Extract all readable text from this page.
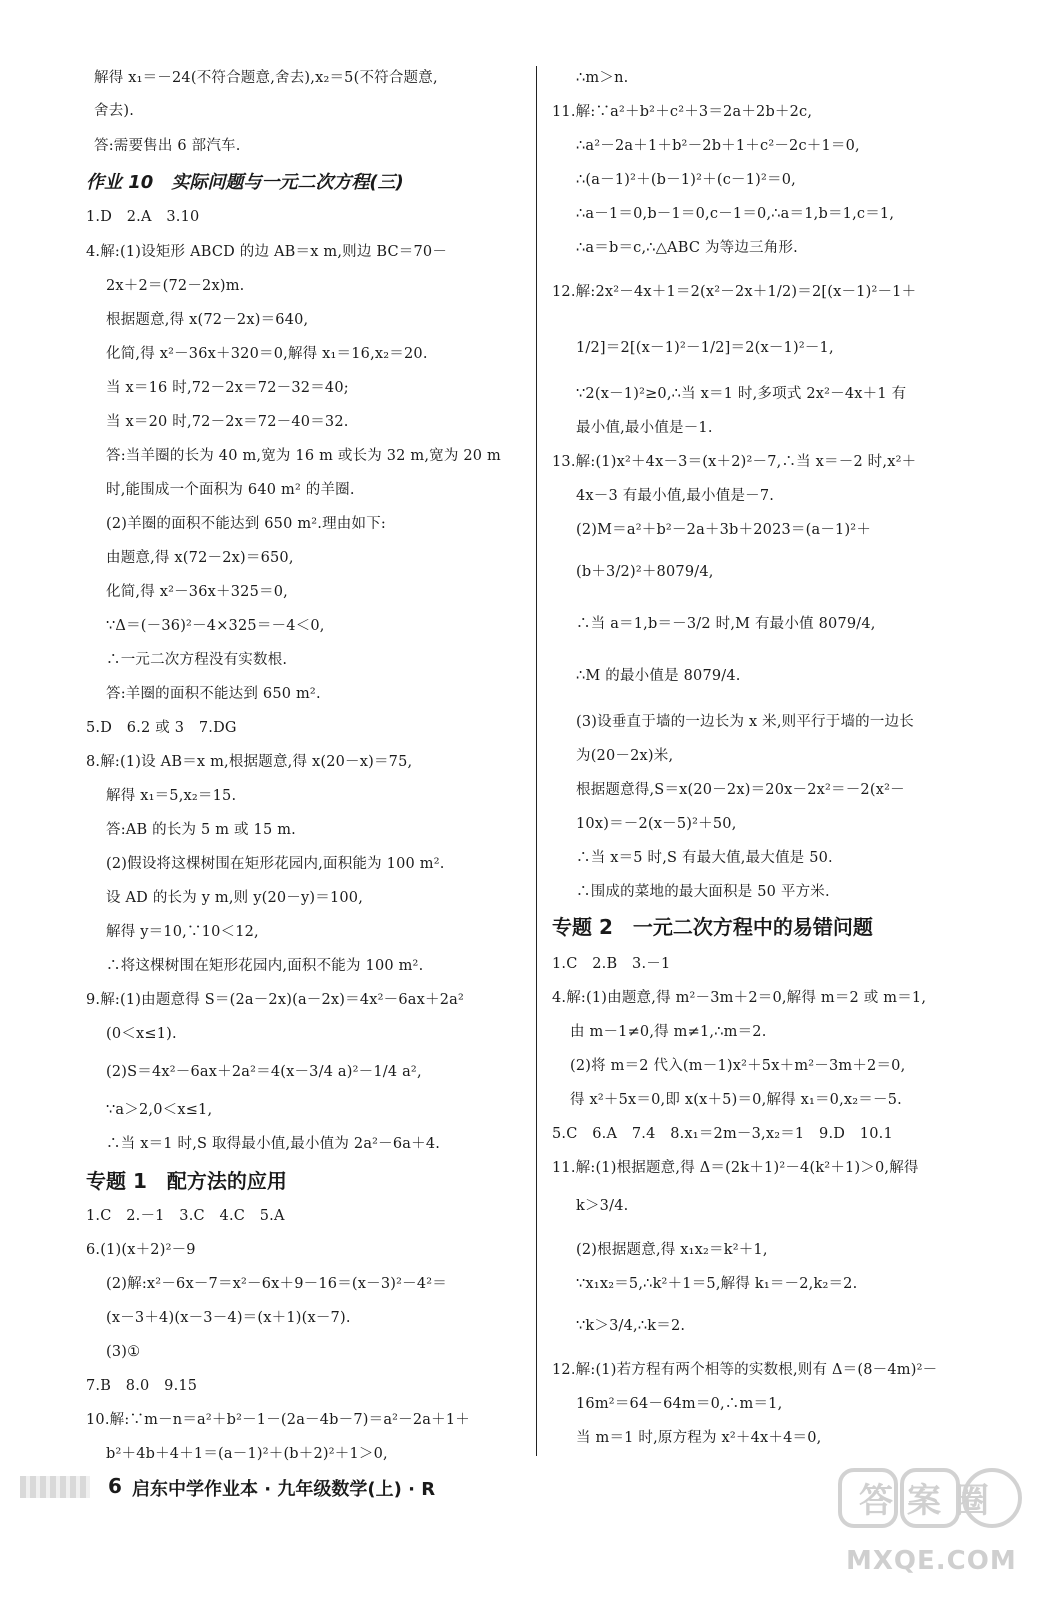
解得 x₁＝－24(不符合题意,舍去),x₂＝5(不符合题意,
舍去).
答:需要售出 6 部汽车.
1.D　2.A　3.10
4.解:(1)设矩形 ABCD 的边 AB＝x m,则边 BC＝70－
2x＋2＝(72－2x)m.
根据题意,得 x(72－2x)＝640,
化简,得 x²－36x＋320＝0,解得 x₁＝16,x₂＝20.
当 x＝16 时,72－2x＝72－32＝40;
当 x＝20 时,72－2x＝72－40＝32.
答:当羊圈的长为 40 m,宽为 16 m 或长为 32 m,宽为 20 m
时,能围成一个面积为 640 m² 的羊圈.
(2)羊圈的面积不能达到 650 m².理由如下:
由题意,得 x(72－2x)＝650,
化简,得 x²－36x＋325＝0,
∵Δ＝(－36)²－4×325＝－4＜0,
∴一元二次方程没有实数根.
答:羊圈的面积不能达到 650 m².
5.D　6.2 或 3　7.DG
8.解:(1)设 AB＝x m,根据题意,得 x(20－x)＝75,
解得 x₁＝5,x₂＝15.
答:AB 的长为 5 m 或 15 m.
(2)假设将这棵树围在矩形花园内,面积能为 100 m².
设 AD 的长为 y m,则 y(20－y)＝100,
解得 y＝10,∵10＜12,
∴将这棵树围在矩形花园内,面积不能为 100 m².
9.解:(1)由题意得 S＝(2a－2x)(a－2x)＝4x²－6ax＋2a²
(0＜x≤1).
(2)S＝4x²－6ax＋2a²＝4(x－3/4 a)²－1/4 a²,
∵a＞2,0＜x≤1,
∴当 x＝1 时,S 取得最小值,最小值为 2a²－6a＋4.
1.C　2.－1　3.C　4.C　5.A
6.(1)(x＋2)²－9
(2)解:x²－6x－7＝x²－6x＋9－16＝(x－3)²－4²＝
(x－3＋4)(x－3－4)＝(x＋1)(x－7).
(3)①
7.B　8.0　9.15
10.解:∵m－n＝a²＋b²－1－(2a－4b－7)＝a²－2a＋1＋
b²＋4b＋4＋1＝(a－1)²＋(b＋2)²＋1＞0,
作业 10　实际问题与一元二次方程(三)
专题 1　配方法的应用
∴m＞n.
11.解:∵a²＋b²＋c²＋3＝2a＋2b＋2c,
∴a²－2a＋1＋b²－2b＋1＋c²－2c＋1＝0,
∴(a－1)²＋(b－1)²＋(c－1)²＝0,
∴a－1＝0,b－1＝0,c－1＝0,∴a＝1,b＝1,c＝1,
∴a＝b＝c,∴△ABC 为等边三角形.
12.解:2x²－4x＋1＝2(x²－2x＋1/2)＝2[(x－1)²－1＋
1/2]＝2[(x－1)²－1/2]＝2(x－1)²－1,
∵2(x－1)²≥0,∴当 x＝1 时,多项式 2x²－4x＋1 有
最小值,最小值是－1.
13.解:(1)x²＋4x－3＝(x＋2)²－7,∴当 x＝－2 时,x²＋
4x－3 有最小值,最小值是－7.
(2)M＝a²＋b²－2a＋3b＋2023＝(a－1)²＋
(b＋3/2)²＋8079/4,
∴当 a＝1,b＝－3/2 时,M 有最小值 8079/4,
∴M 的最小值是 8079/4.
(3)设垂直于墙的一边长为 x 米,则平行于墙的一边长
为(20－2x)米,
根据题意得,S＝x(20－2x)＝20x－2x²＝－2(x²－
10x)＝－2(x－5)²＋50,
∴当 x＝5 时,S 有最大值,最大值是 50.
∴围成的菜地的最大面积是 50 平方米.
1.C　2.B　3.－1
4.解:(1)由题意,得 m²－3m＋2＝0,解得 m＝2 或 m＝1,
由 m－1≠0,得 m≠1,∴m＝2.
(2)将 m＝2 代入(m－1)x²＋5x＋m²－3m＋2＝0,
得 x²＋5x＝0,即 x(x＋5)＝0,解得 x₁＝0,x₂＝－5.
5.C　6.A　7.4　8.x₁＝2m－3,x₂＝1　9.D　10.1
11.解:(1)根据题意,得 Δ＝(2k＋1)²－4(k²＋1)＞0,解得
k＞3/4.
(2)根据题意,得 x₁x₂＝k²＋1,
∵x₁x₂＝5,∴k²＋1＝5,解得 k₁＝－2,k₂＝2.
∵k＞3/4,∴k＝2.
12.解:(1)若方程有两个相等的实数根,则有 Δ＝(8－4m)²－
16m²＝64－64m＝0,∴m＝1,
当 m＝1 时,原方程为 x²＋4x＋4＝0,
专题 2　一元二次方程中的易错问题
6 启东中学作业本 · 九年级数学(上) · R	答案圈
MXQE.COM
